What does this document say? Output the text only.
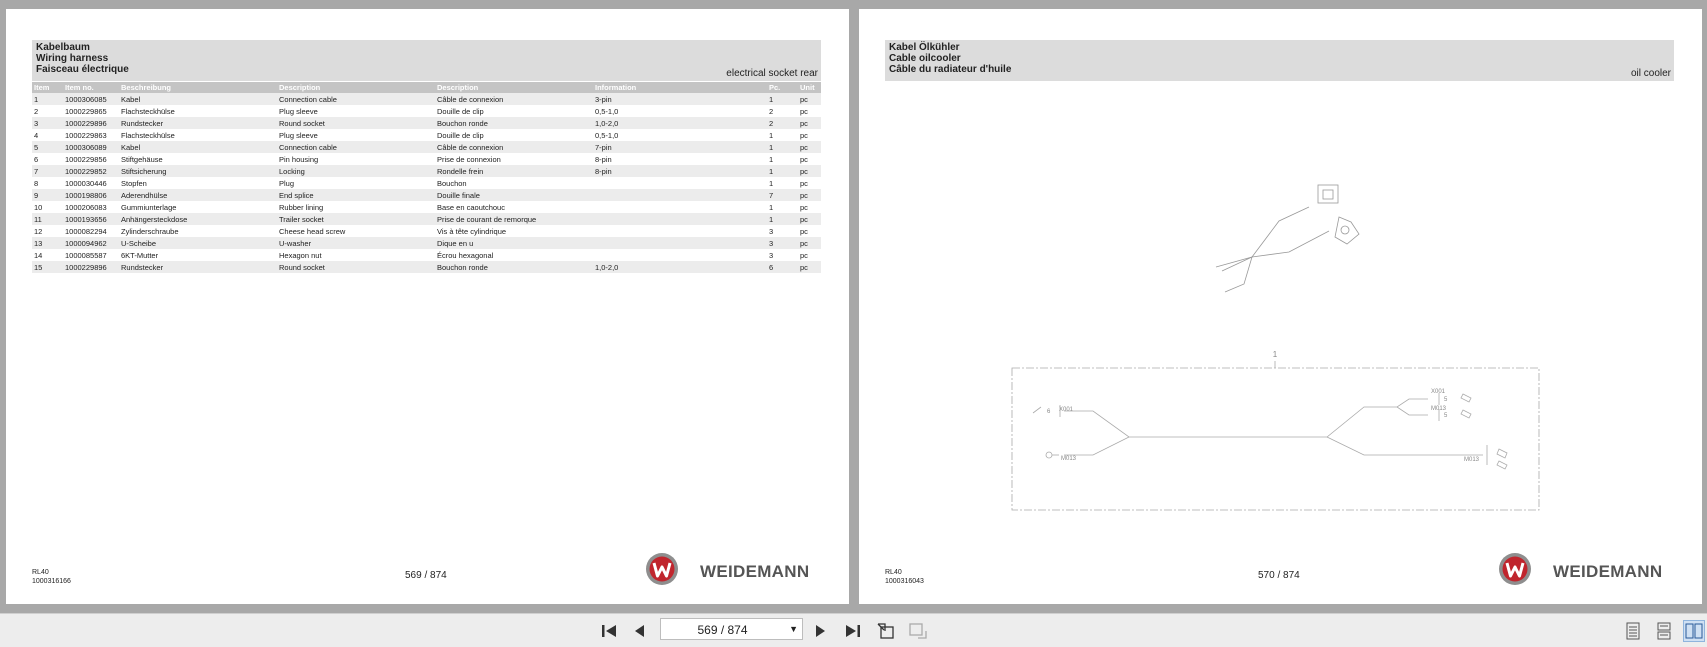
Kabelbaum
Wiring harness
Faisceau électrique	electrical socket rear
Item	Item no.	Beschreibung	Description	Description	Information	Pc.	Unit
1	1000306085	Kabel	Connection cable	Câble de connexion	3-pin	1	pc
2	1000229865	Flachsteckhülse	Plug sleeve	Douille de clip	0,5-1,0	2	pc
3	1000229896	Rundstecker	Round socket	Bouchon ronde	1,0-2,0	2	pc
4	1000229863	Flachsteckhülse	Plug sleeve	Douille de clip	0,5-1,0	1	pc
5	1000306089	Kabel	Connection cable	Câble de connexion	7-pin	1	pc
6	1000229856	Stiftgehäuse	Pin housing	Prise de connexion	8-pin	1	pc
7	1000229852	Stiftsicherung	Locking	Rondelle frein	8-pin	1	pc
8	1000030446	Stopfen	Plug	Bouchon		1	pc
9	1000198806	Aderendhülse	End splice	Douille finale		7	pc
10	1000206083	Gummiunterlage	Rubber lining	Base en caoutchouc		1	pc
11	1000193656	Anhängersteckdose	Trailer socket	Prise de courant de remorque		1	pc
12	1000082294	Zylinderschraube	Cheese head screw	Vis à tête cylindrique		3	pc
13	1000094962	U-Scheibe	U-washer	Dique en u		3	pc
14	1000085587	6KT-Mutter	Hexagon nut	Écrou hexagonal		3	pc
15	1000229896	Rundstecker	Round socket	Bouchon ronde	1,0-2,0	6	pc
RL40
1000316166
569 / 874	WEIDEMANN
Kabel Ölkühler
Cable oilcooler
Câble du radiateur d'huile	oil cooler
1
X001
6
M013
X001
M013
5
5
M013
RL40
1000316043
570 / 874	WEIDEMANN
569 / 874	▼
